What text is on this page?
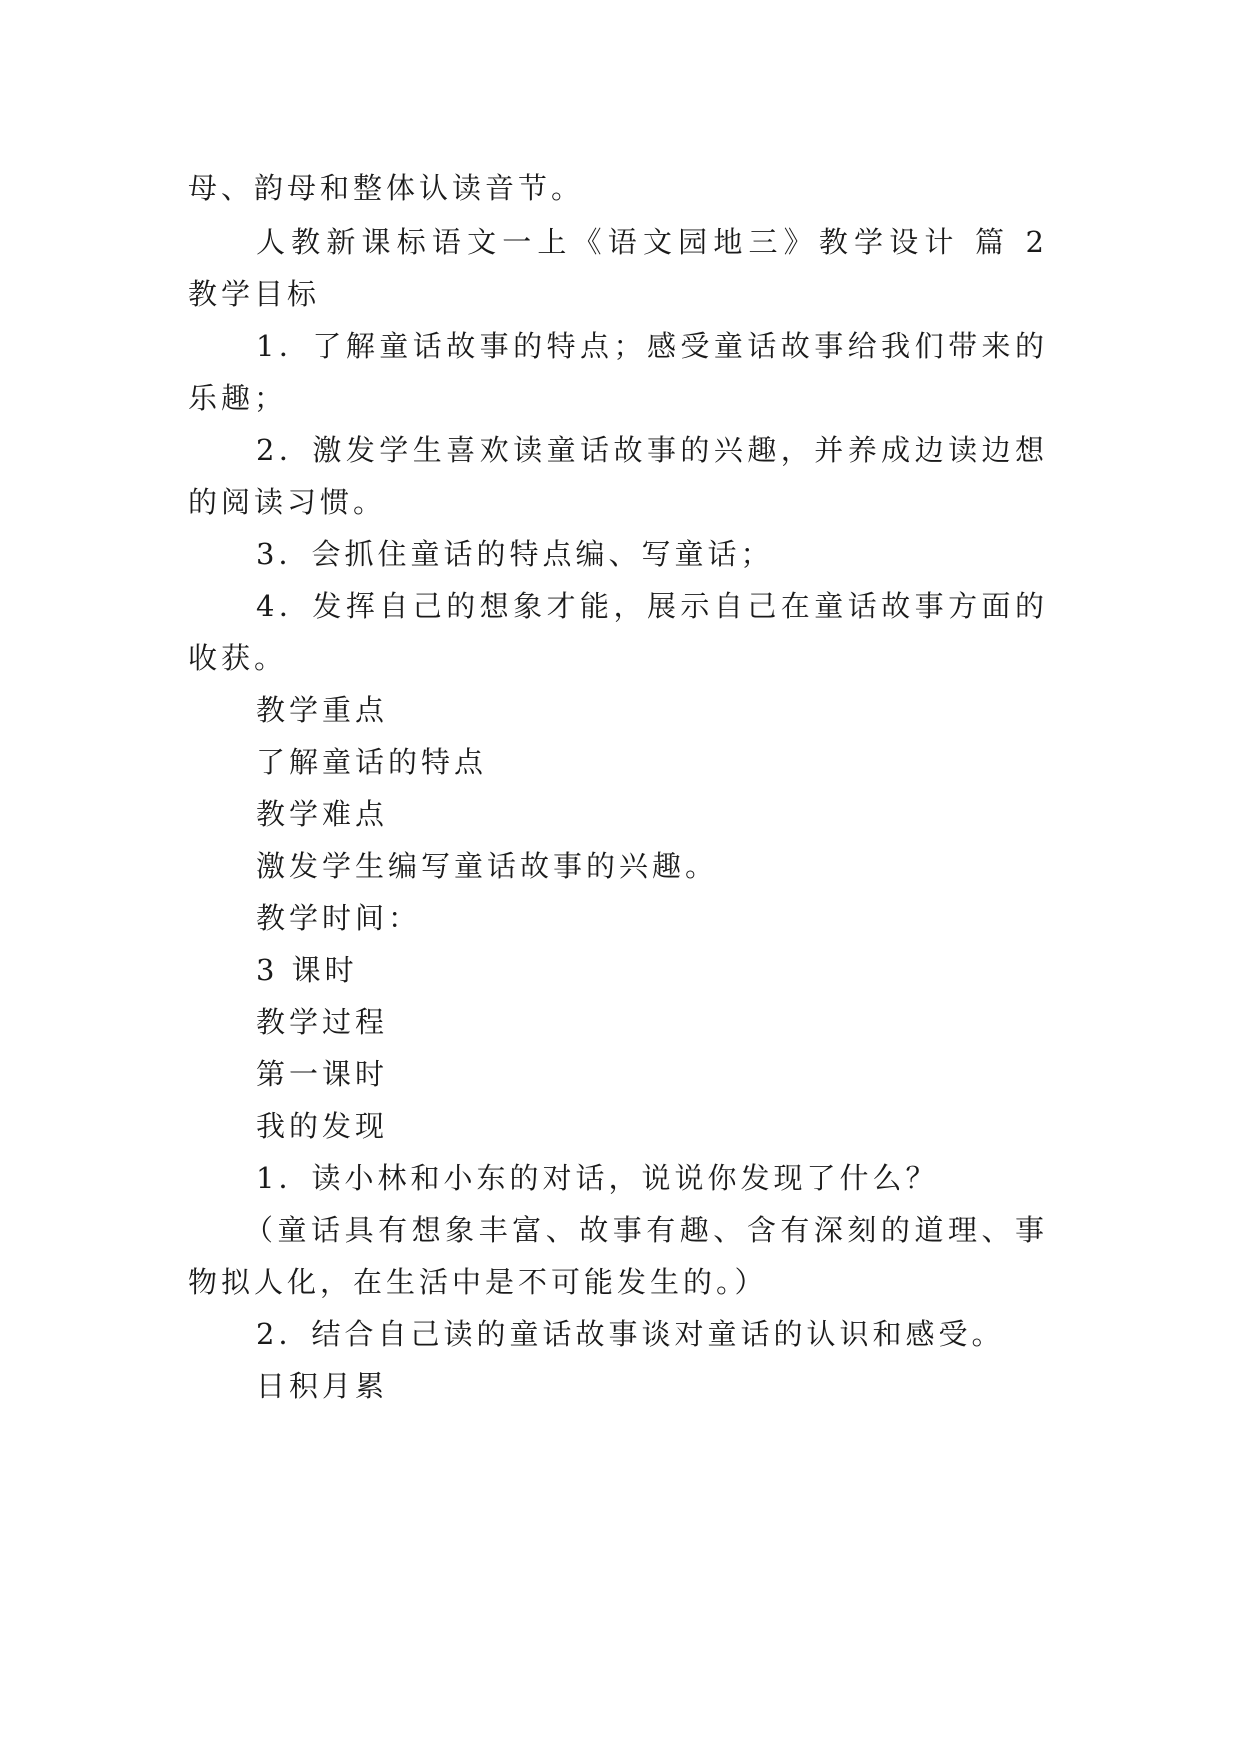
母、韵母和整体认读音节。
人教新课标语文一上《语文园地三》教学设计 篇 2
教学目标
1．了解童话故事的特点；感受童话故事给我们带来的
乐趣；
2．激发学生喜欢读童话故事的兴趣，并养成边读边想
的阅读习惯。
3．会抓住童话的特点编、写童话；
4．发挥自己的想象才能，展示自己在童话故事方面的
收获。
教学重点
了解童话的特点
教学难点
激发学生编写童话故事的兴趣。
教学时间：
3 课时
教学过程
第一课时
我的发现
1．读小林和小东的对话，说说你发现了什么？
（童话具有想象丰富、故事有趣、含有深刻的道理、事
物拟人化，在生活中是不可能发生的。）
2．结合自己读的童话故事谈对童话的认识和感受。
日积月累
